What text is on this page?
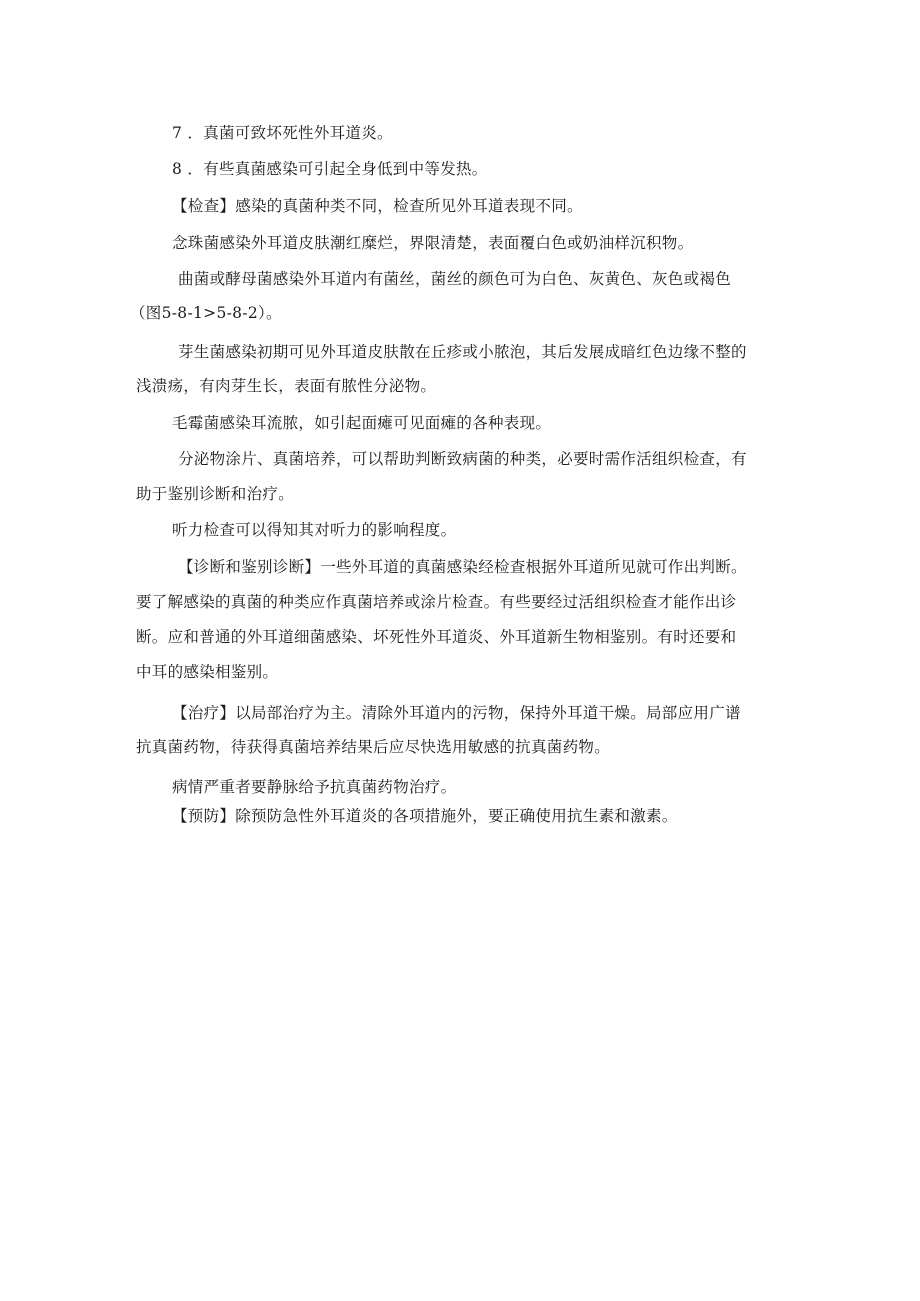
7 ．真菌可致坏死性外耳道炎。
8 ．有些真菌感染可引起全身低到中等发热。
【检查】感染的真菌种类不同，检查所见外耳道表现不同。
念珠菌感染外耳道皮肤潮红糜烂，界限清楚，表面覆白色或奶油样沉积物。
曲菌或酵母菌感染外耳道内有菌丝，菌丝的颜色可为白色、灰黄色、灰色或褐色
（图5-8-1>5-8-2）。
芽生菌感染初期可见外耳道皮肤散在丘疹或小脓泡，其后发展成暗红色边缘不整的
浅溃疡，有肉芽生长，表面有脓性分泌物。
毛霉菌感染耳流脓，如引起面瘫可见面瘫的各种表现。
分泌物涂片、真菌培养，可以帮助判断致病菌的种类，必要时需作活组织检查，有
助于鉴别诊断和治疗。
听力检查可以得知其对听力的影响程度。
【诊断和鉴别诊断】一些外耳道的真菌感染经检查根据外耳道所见就可作出判断。
要了解感染的真菌的种类应作真菌培养或涂片检查。有些要经过活组织检查才能作出诊
断。应和普通的外耳道细菌感染、坏死性外耳道炎、外耳道新生物相鉴别。有时还要和
中耳的感染相鉴别。
【治疗】以局部治疗为主。清除外耳道内的污物，保持外耳道干燥。局部应用广谱
抗真菌药物，待获得真菌培养结果后应尽快选用敏感的抗真菌药物。
病情严重者要静脉给予抗真菌药物治疗。
【预防】除预防急性外耳道炎的各项措施外，要正确使用抗生素和激素。
